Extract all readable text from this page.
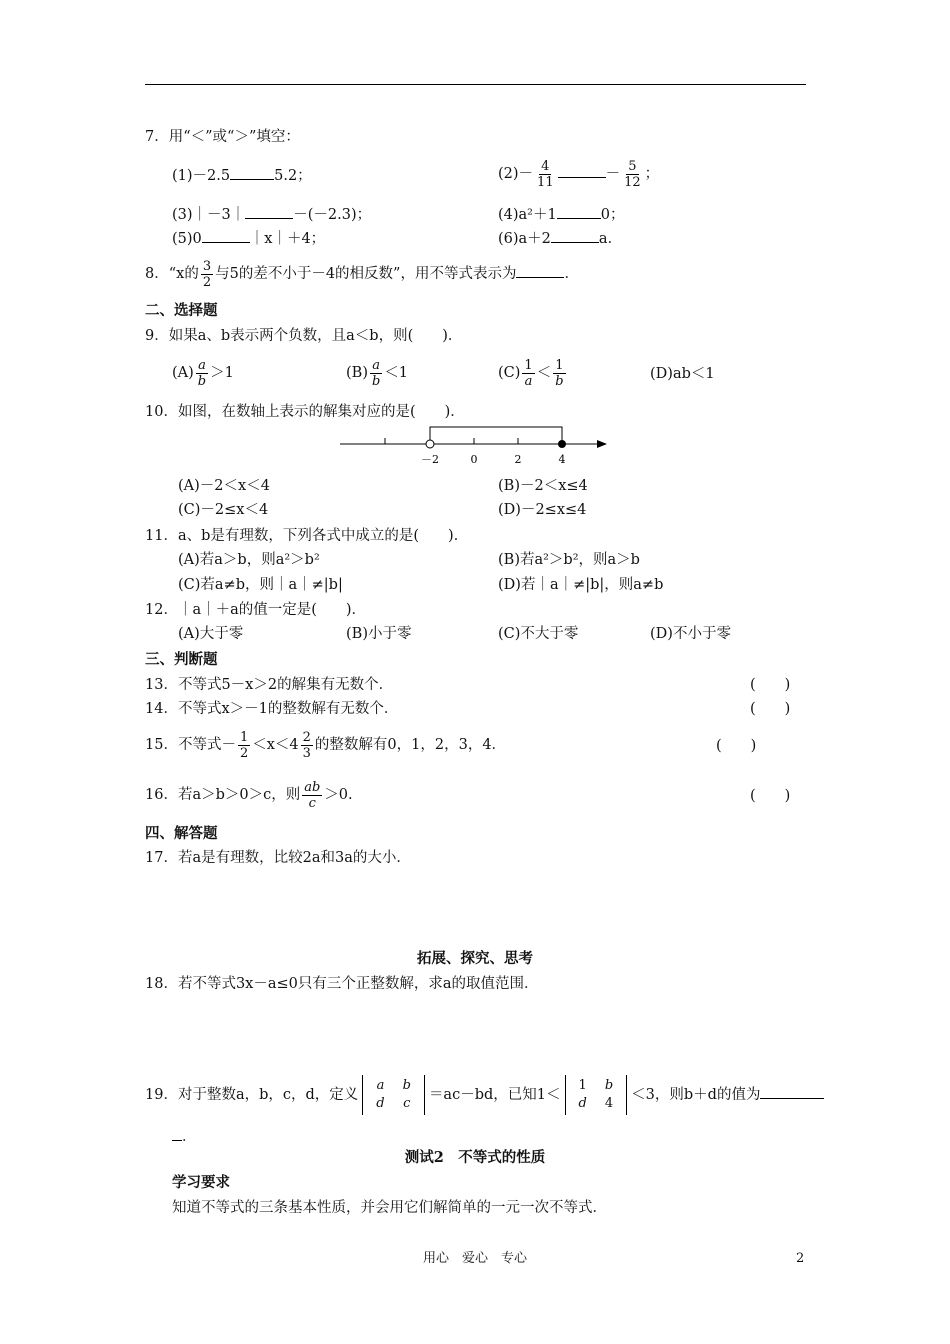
7．用“＜”或“＞”填空：
(1)－2.5	5.2；	$(2)- \frac{4}{11}$	－ $\frac{5}{12}$ ；
(3)｜－3｜	－(－2.3)；	(4)a²＋1	0；
(5)0	｜x｜＋4；	(6)a＋2	a．
8．“x的 $\frac{3}{2}$ 与5的差不小于－4的相反数”，用不等式表示为	．
二、选择题
9．如果a、b表示两个负数，且a＜b，则(　　)．
$(A) \frac{a}{b} >1$	$(B) \frac{a}{b} <1$	$(C) \frac{1}{a} < \frac{1}{b}$	(D)ab＜1
10．如图，在数轴上表示的解集对应的是(　　)．
－2	0	2	4
(A)－2＜x＜4	(B)－2＜x≤4
(C)－2≤x＜4	(D)－2≤x≤4
11．a、b是有理数，下列各式中成立的是(　　)．
(A)若a＞b，则a²＞b²	(B)若a²＞b²，则a＞b
(C)若a≠b，则｜a｜≠|b|	(D)若｜a｜≠|b|，则a≠b
12．｜a｜＋a的值一定是(　　)．
(A)大于零	(B)小于零	(C)不大于零	(D)不小于零
三、判断题
13．不等式5－x＞2的解集有无数个．	(　　)
14．不等式x＞－1的整数解有无数个．	(　　)
15．不等式－ $\frac{1}{2} <x<4 \frac{2}{3}$ 的整数解有0，1，2，3，4．	(　　)
16．若a＞b＞0＞c，则 $\frac{ab}{c} >0$.	(　　)
四、解答题
17．若a是有理数，比较2a和3a的大小．
拓展、探究、思考
18．若不等式3x－a≤0只有三个正整数解，求a的取值范围．
19．对于整数a，b，c，d，定义
a	b
d	c
＝ac－bd，已知1＜
1	b
d	4
＜3，则b＋d的值为
．
测试2　不等式的性质
学习要求
知道不等式的三条基本性质，并会用它们解简单的一元一次不等式．
用心　爱心　专心	2
